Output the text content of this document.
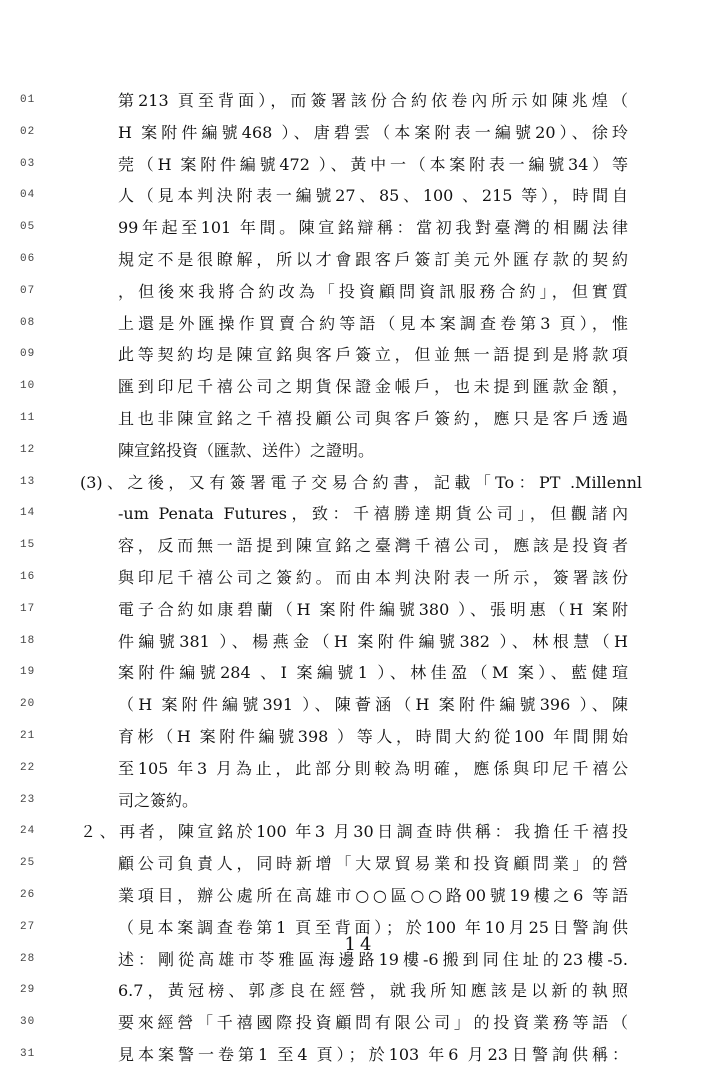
01	第213 頁至背面），而簽署該份合約依卷內所示如陳兆煌（
02	H 案附件編號468 ）、唐碧雲（本案附表一編號20）、徐玲
03	莞（H 案附件編號472 ）、黃中一（本案附表一編號34）等
04	人（見本判決附表一編號27、85、100 、215 等），時間自
05	99年起至101 年間。陳宣銘辯稱：當初我對臺灣的相關法律
06	規定不是很瞭解，所以才會跟客戶簽訂美元外匯存款的契約
07	，但後來我將合約改為「投資顧問資訊服務合約」，但實質
08	上還是外匯操作買賣合約等語（見本案調查卷第3 頁），惟
09	此等契約均是陳宣銘與客戶簽立，但並無一語提到是將款項
10	匯到印尼千禧公司之期貨保證金帳戶，也未提到匯款金額，
11	且也非陳宣銘之千禧投顧公司與客戶簽約，應只是客戶透過
12	陳宣銘投資（匯款、送件）之證明。
13	(3)、之後，又有簽署電子交易合約書，記載「To：PT .Millennl
14	-um Penata Futures，致：千禧勝達期貨公司」，但觀諸內
15	容，反而無一語提到陳宣銘之臺灣千禧公司，應該是投資者
16	與印尼千禧公司之簽約。而由本判決附表一所示，簽署該份
17	電子合約如康碧蘭（H 案附件編號380 ）、張明惠（H 案附
18	件編號381 ）、楊燕金（H 案附件編號382 ）、林根慧（H
19	案附件編號284 、I 案編號1 ）、林佳盈（M 案）、藍健瑄
20	（H 案附件編號391 ）、陳薈涵（H 案附件編號396 ）、陳
21	育彬（H 案附件編號398 ）等人，時間大約從100 年間開始
22	至105 年3 月為止，此部分則較為明確，應係與印尼千禧公
23	司之簽約。
24	２、再者，陳宣銘於100 年3 月30日調查時供稱：我擔任千禧投
25	顧公司負責人，同時新增「大眾貿易業和投資顧問業」的營
26	業項目，辦公處所在高雄市○○區○○路00號19樓之6 等語
27	（見本案調查卷第1 頁至背面）；於100 年10月25日警詢供
28	述：剛從高雄市苓雅區海邊路19樓-6搬到同住址的23樓-5.
29	6.7，黃冠榜、郭彥良在經營，就我所知應該是以新的執照
30	要來經營「千禧國際投資顧問有限公司」的投資業務等語（
31	見本案警一卷第1 至4 頁）；於103 年6 月23日警詢供稱：
14
